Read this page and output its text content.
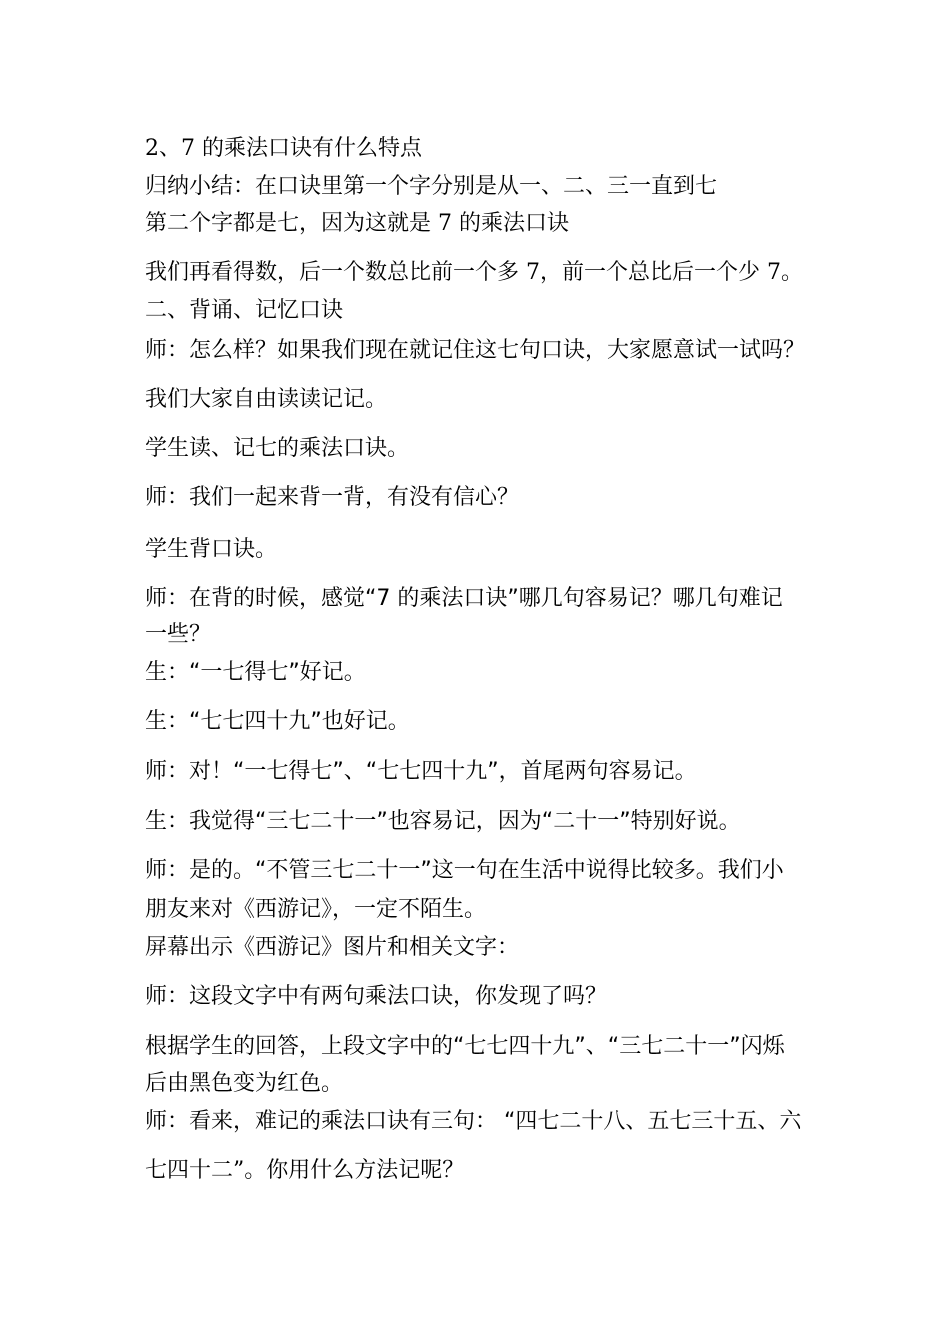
2、7 的乘法口诀有什么特点
归纳小结：在口诀里第一个字分别是从一、二、三一直到七
第二个字都是七，因为这就是 7 的乘法口诀
我们再看得数，后一个数总比前一个多 7，前一个总比后一个少 7。
二、背诵、记忆口诀
师：怎么样？如果我们现在就记住这七句口诀，大家愿意试一试吗？
我们大家自由读读记记。
学生读、记七的乘法口诀。
师：我们一起来背一背，有没有信心？
学生背口诀。
师：在背的时候，感觉“7 的乘法口诀”哪几句容易记？哪几句难记
一些？
生：“一七得七”好记。
生：“七七四十九”也好记。
师：对！“一七得七”、“七七四十九”，首尾两句容易记。
生：我觉得“三七二十一”也容易记，因为“二十一”特别好说。
师：是的。“不管三七二十一”这一句在生活中说得比较多。我们小
朋友来对《西游记》，一定不陌生。
屏幕出示《西游记》图片和相关文字：
师：这段文字中有两句乘法口诀，你发现了吗？
根据学生的回答，上段文字中的“七七四十九”、“三七二十一”闪烁
后由黑色变为红色。
师：看来，难记的乘法口诀有三句： “四七二十八、五七三十五、六
七四十二”。你用什么方法记呢？
